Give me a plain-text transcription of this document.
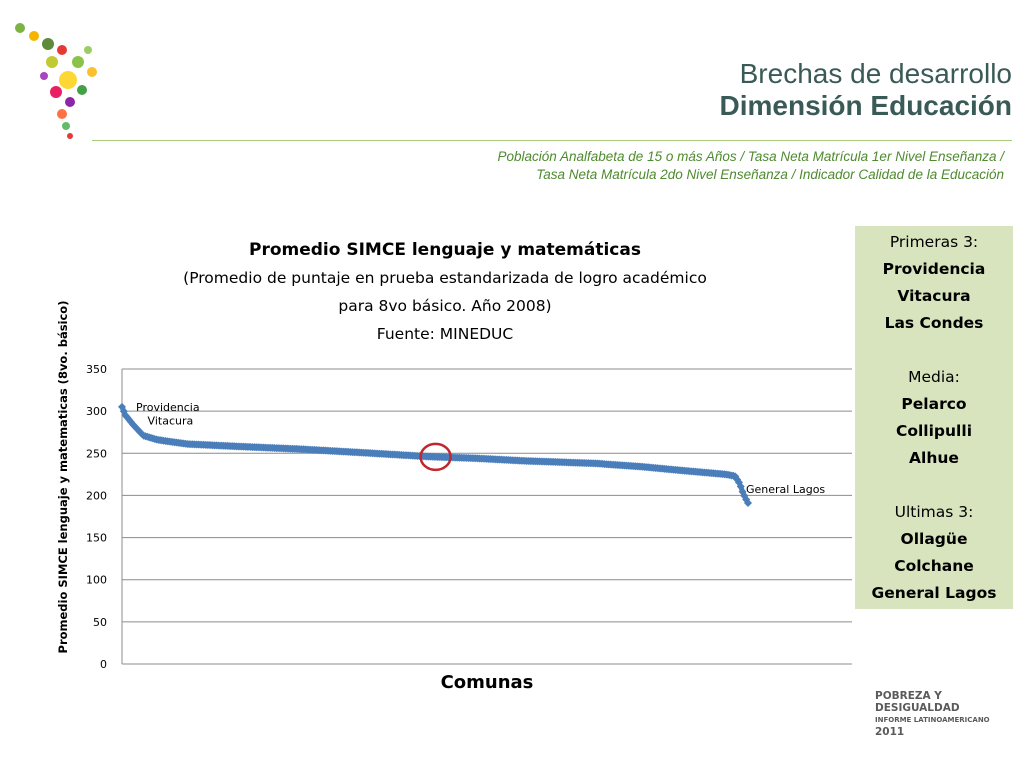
Brechas de desarrollo
Dimensión Educación
Población Analfabeta de 15 o más Años / Tasa Neta Matrícula 1er Nivel Enseñanza /
Tasa Neta Matrícula 2do Nivel Enseñanza / Indicador Calidad de la Educación
Promedio SIMCE lenguaje y matemáticas
(Promedio de puntaje en prueba estandarizada de logro académico
para 8vo básico. Año 2008)
Fuente: MINEDUC
Promedio SIMCE lenguaje y matematicas (8vo. básico)
Comunas
0
50
100
150
200
250
300
350
Providencia
Vitacura
General Lagos
Primeras 3:
Providencia
Vitacura
Las Condes
Media:
Pelarco
Collipulli
Alhue
Ultimas 3:
Ollagüe
Colchane
General Lagos
POBREZA Y
DESIGUALDAD
INFORME LATINOAMERICANO
2011
